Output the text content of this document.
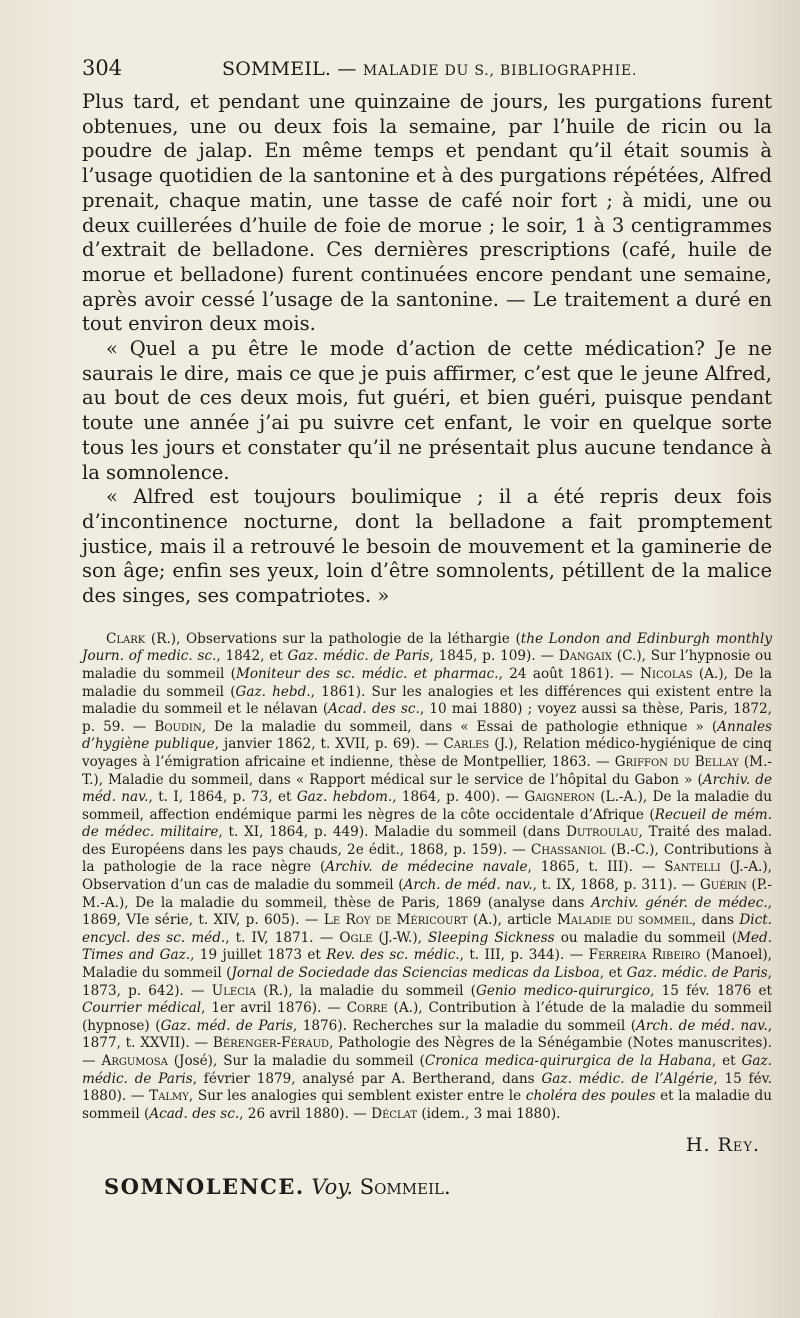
304	SOMMEIL. — MALADIE DU S., BIBLIOGRAPHIE.

Plus tard, et pendant une quinzaine de jours, les purgations furent obtenues, une ou deux fois la semaine, par l’huile de ricin ou la poudre de jalap. En même temps et pendant qu’il était soumis à l’usage quotidien de la santonine et à des purgations répétées, Alfred prenait, chaque matin, une tasse de café noir fort ; à midi, une ou deux cuillerées d’huile de foie de morue ; le soir, 1 à 3 centigrammes d’extrait de belladone. Ces dernières prescriptions (café, huile de morue et belladone) furent continuées encore pendant une semaine, après avoir cessé l’usage de la santonine. — Le traitement a duré en tout environ deux mois.

« Quel a pu être le mode d’action de cette médication? Je ne saurais le dire, mais ce que je puis affirmer, c’est que le jeune Alfred, au bout de ces deux mois, fut guéri, et bien guéri, puisque pendant toute une année j’ai pu suivre cet enfant, le voir en quelque sorte tous les jours et constater qu’il ne présentait plus aucune tendance à la somnolence.

« Alfred est toujours boulimique ; il a été repris deux fois d’incontinence nocturne, dont la belladone a fait promptement justice, mais il a retrouvé le besoin de mouvement et la gaminerie de son âge; enfin ses yeux, loin d’être somnolents, pétillent de la malice des singes, ses compatriotes. »

Clark (R.), Observations sur la pathologie de la léthargie (the London and Edinburgh monthly Journ. of medic. sc., 1842, et Gaz. médic. de Paris, 1845, p. 109). — Dangaix (C.), Sur l’hypnosie ou maladie du sommeil (Moniteur des sc. médic. et pharmac., 24 août 1861). — Nicolas (A.), De la maladie du sommeil (Gaz. hebd., 1861). Sur les analogies et les différences qui existent entre la maladie du sommeil et le nélavan (Acad. des sc., 10 mai 1880) ; voyez aussi sa thèse, Paris, 1872, p. 59. — Boudin, De la maladie du sommeil, dans « Essai de pathologie ethnique » (Annales d’hygiène publique, janvier 1862, t. XVII, p. 69). — Carles (J.), Relation médico-hygiénique de cinq voyages à l’émigration africaine et indienne, thèse de Montpellier, 1863. — Griffon du Bellay (M.-T.), Maladie du sommeil, dans « Rapport médical sur le service de l’hôpital du Gabon » (Archiv. de méd. nav., t. I, 1864, p. 73, et Gaz. hebdom., 1864, p. 400). — Gaigneron (L.-A.), De la maladie du sommeil, affection endémique parmi les nègres de la côte occidentale d’Afrique (Recueil de mém. de médec. militaire, t. XI, 1864, p. 449). Maladie du sommeil (dans Dutroulau, Traité des malad. des Européens dans les pays chauds, 2e édit., 1868, p. 159). — Chassaniol (B.-C.), Contributions à la pathologie de la race nègre (Archiv. de médecine navale, 1865, t. III). — Santelli (J.-A.), Observation d’un cas de maladie du sommeil (Arch. de méd. nav., t. IX, 1868, p. 311). — Guérin (P.-M.-A.), De la maladie du sommeil, thèse de Paris, 1869 (analyse dans Archiv. génér. de médec., 1869, VIe série, t. XIV, p. 605). — Le Roy de Méricourt (A.), article Maladie du sommeil, dans Dict. encycl. des sc. méd., t. IV, 1871. — Ogle (J.-W.), Sleeping Sickness ou maladie du sommeil (Med. Times and Gaz., 19 juillet 1873 et Rev. des sc. médic., t. III, p. 344). — Ferreira Ribeiro (Manoel), Maladie du sommeil (Jornal de Sociedade das Sciencias medicas da Lisboa, et Gaz. médic. de Paris, 1873, p. 642). — Ulecia (R.), la maladie du sommeil (Genio medico-quirurgico, 15 fév. 1876 et Courrier médical, 1er avril 1876). — Corre (A.), Contribution à l’étude de la maladie du sommeil (hypnose) (Gaz. méd. de Paris, 1876). Recherches sur la maladie du sommeil (Arch. de méd. nav., 1877, t. XXVII). — Bérenger-Féraud, Pathologie des Nègres de la Sénégambie (Notes manuscrites). — Argumosa (José), Sur la maladie du sommeil (Cronica medica-quirurgica de la Habana, et Gaz. médic. de Paris, février 1879, analysé par A. Bertherand, dans Gaz. médic. de l’Algérie, 15 fév. 1880). — Talmy, Sur les analogies qui semblent exister entre le choléra des poules et la maladie du sommeil (Acad. des sc., 26 avril 1880). — Déclat (idem., 3 mai 1880).
H. Rey.
SOMNOLENCE. Voy. Sommeil.
